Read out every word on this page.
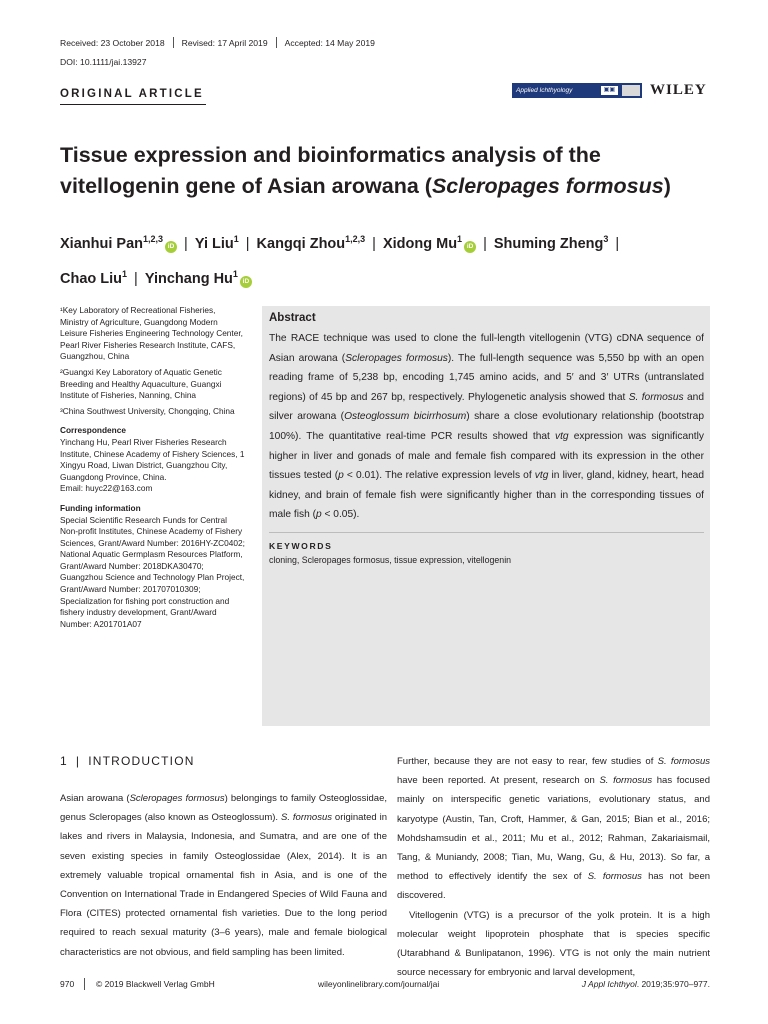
Received: 23 October 2018 Revised: 17 April 2019 Accepted: 14 May 2019
DOI: 10.1111/jai.13927
ORIGINAL ARTICLE	Applied Ichthyology	▣▣ WILEY
Tissue expression and bioinformatics analysis of the vitellogenin gene of Asian arowana (Scleropages formosus)
Xianhui Pan$^{1,2,3}$iD | Yi Liu$^1$ | Kangqi Zhou$^{1,2,3}$ | Xidong Mu$^1$iD | Shuming Zheng$^3$ |
Chao Liu$^1$ | Yinchang Hu$^1$iD

¹Key Laboratory of Recreational Fisheries, Ministry of Agriculture, Guangdong Modern Leisure Fisheries Engineering Technology Center, Pearl River Fisheries Research Institute, CAFS, Guangzhou, China

²Guangxi Key Laboratory of Aquatic Genetic Breeding and Healthy Aquaculture, Guangxi Institute of Fisheries, Nanning, China

³China Southwest University, Chongqing, China

Correspondence

Yinchang Hu, Pearl River Fisheries Research Institute, Chinese Academy of Fishery Sciences, 1 Xingyu Road, Liwan District, Guangzhou City, Guangdong Province, China.

Email: huyc22@163.com

Funding information

Special Scientific Research Funds for Central Non-profit Institutes, Chinese Academy of Fishery Sciences, Grant/Award Number: 2016HY-ZC0402; National Aquatic Germplasm Resources Platform, Grant/Award Number: 2018DKA30470; Guangzhou Science and Technology Plan Project, Grant/Award Number: 201707010309; Specialization for fishing port construction and fishery industry development, Grant/Award Number: A201701A07

Abstract

The RACE technique was used to clone the full-length vitellogenin (VTG) cDNA sequence of Asian arowana (Scleropages formosus). The full-length sequence was 5,550 bp with an open reading frame of 5,238 bp, encoding 1,745 amino acids, and 5′ and 3′ UTRs (untranslated regions) of 45 bp and 267 bp, respectively. Phylogenetic analysis showed that S. formosus and silver arowana (Osteoglossum bicirrhosum) share a close evolutionary relationship (bootstrap 100%). The quantitative real-time PCR results showed that vtg expression was significantly higher in liver and gonads of male and female fish compared with its expression in the other tissues tested (p < 0.01). The relative expression levels of vtg in liver, gland, kidney, heart, head kidney, and brain of female fish were significantly higher than in the corresponding tissues of male fish (p < 0.05).

KEYWORDS
cloning, Scleropages formosus, tissue expression, vitellogenin
1 | INTRODUCTION

Asian arowana (Scleropages formosus) belongings to family Osteoglossidae, genus Scleropages (also known as Osteoglossum). S. formosus originated in lakes and rivers in Malaysia, Indonesia, and Sumatra, and are one of the seven existing species in family Osteoglossidae (Alex, 2014). It is an extremely valuable tropical ornamental fish in Asia, and is one of the Convention on International Trade in Endangered Species of Wild Fauna and Flora (CITES) protected ornamental fish varieties. Due to the long period required to reach sexual maturity (3–6 years), male and female biological characteristics are not obvious, and field sampling has been limited.

Further, because they are not easy to rear, few studies of S. formosus have been reported. At present, research on S. formosus has focused mainly on interspecific genetic variations, evolutionary status, and karyotype (Austin, Tan, Croft, Hammer, & Gan, 2015; Bian et al., 2016; Mohdshamsudin et al., 2011; Mu et al., 2012; Rahman, Zakariaismail, Tang, & Muniandy, 2008; Tian, Mu, Wang, Gu, & Hu, 2013). So far, a method to effectively identify the sex of S. formosus has not been discovered.

Vitellogenin (VTG) is a precursor of the yolk protein. It is a high molecular weight lipoprotein phosphate that is species specific (Utarabhand & Bunlipatanon, 1996). VTG is not only the main nutrient source necessary for embryonic and larval development,

970	© 2019 Blackwell Verlag GmbH	wileyonlinelibrary.com/journal/jai	J Appl Ichthyol. 2019;35:970–977.
